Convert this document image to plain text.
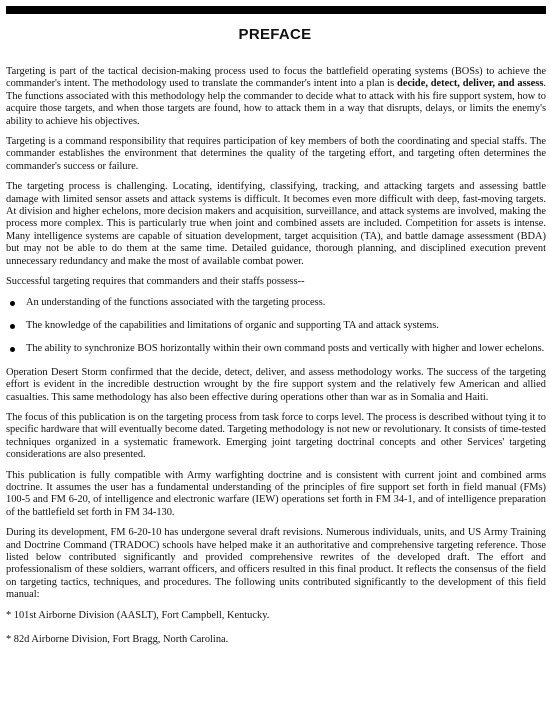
PREFACE

Targeting is part of the tactical decision-making process used to focus the battlefield operating systems (BOSs) to achieve the commander's intent. The methodology used to translate the commander's intent into a plan is decide, detect, deliver, and assess. The functions associated with this methodology help the commander to decide what to attack with his fire support system, how to acquire those targets, and when those targets are found, how to attack them in a way that disrupts, delays, or limits the enemy's ability to achieve his objectives.

Targeting is a command responsibility that requires participation of key members of both the coordinating and special staffs. The commander establishes the environment that determines the quality of the targeting effort, and targeting often determines the commander's success or failure.

The targeting process is challenging. Locating, identifying, classifying, tracking, and attacking targets and assessing battle damage with limited sensor assets and attack systems is difficult. It becomes even more difficult with deep, fast-moving targets. At division and higher echelons, more decision makers and acquisition, surveillance, and attack systems are involved, making the process more complex. This is particularly true when joint and combined assets are included. Competition for assets is intense. Many intelligence systems are capable of situation development, target acquisition (TA), and battle damage assessment (BDA) but may not be able to do them at the same time. Detailed guidance, thorough planning, and disciplined execution prevent unnecessary redundancy and make the most of available combat power.

Successful targeting requires that commanders and their staffs possess--

An understanding of the functions associated with the targeting process.
The knowledge of the capabilities and limitations of organic and supporting TA and attack systems.
The ability to synchronize BOS horizontally within their own command posts and vertically with higher and lower echelons.

Operation Desert Storm confirmed that the decide, detect, deliver, and assess methodology works. The success of the targeting effort is evident in the incredible destruction wrought by the fire support system and the relatively few American and allied casualties. This same methodology has also been effective during operations other than war as in Somalia and Haiti.

The focus of this publication is on the targeting process from task force to corps level. The process is described without tying it to specific hardware that will eventually become dated. Targeting methodology is not new or revolutionary. It consists of time-tested techniques organized in a systematic framework. Emerging joint targeting doctrinal concepts and other Services' targeting considerations are also presented.

This publication is fully compatible with Army warfighting doctrine and is consistent with current joint and combined arms doctrine. It assumes the user has a fundamental understanding of the principles of fire support set forth in field manual (FMs) 100-5 and FM 6-20, of intelligence and electronic warfare (IEW) operations set forth in FM 34-1, and of intelligence preparation of the battlefield set forth in FM 34-130.

During its development, FM 6-20-10 has undergone several draft revisions. Numerous individuals, units, and US Army Training and Doctrine Command (TRADOC) schools have helped make it an authoritative and comprehensive targeting reference. Those listed below contributed significantly and provided comprehensive rewrites of the developed draft. The effort and professionalism of these soldiers, warrant officers, and officers resulted in this final product. It reflects the consensus of the field on targeting tactics, techniques, and procedures. The following units contributed significantly to the development of this field manual:

* 101st Airborne Division (AASLT), Fort Campbell, Kentucky.
* 82d Airborne Division, Fort Bragg, North Carolina.
